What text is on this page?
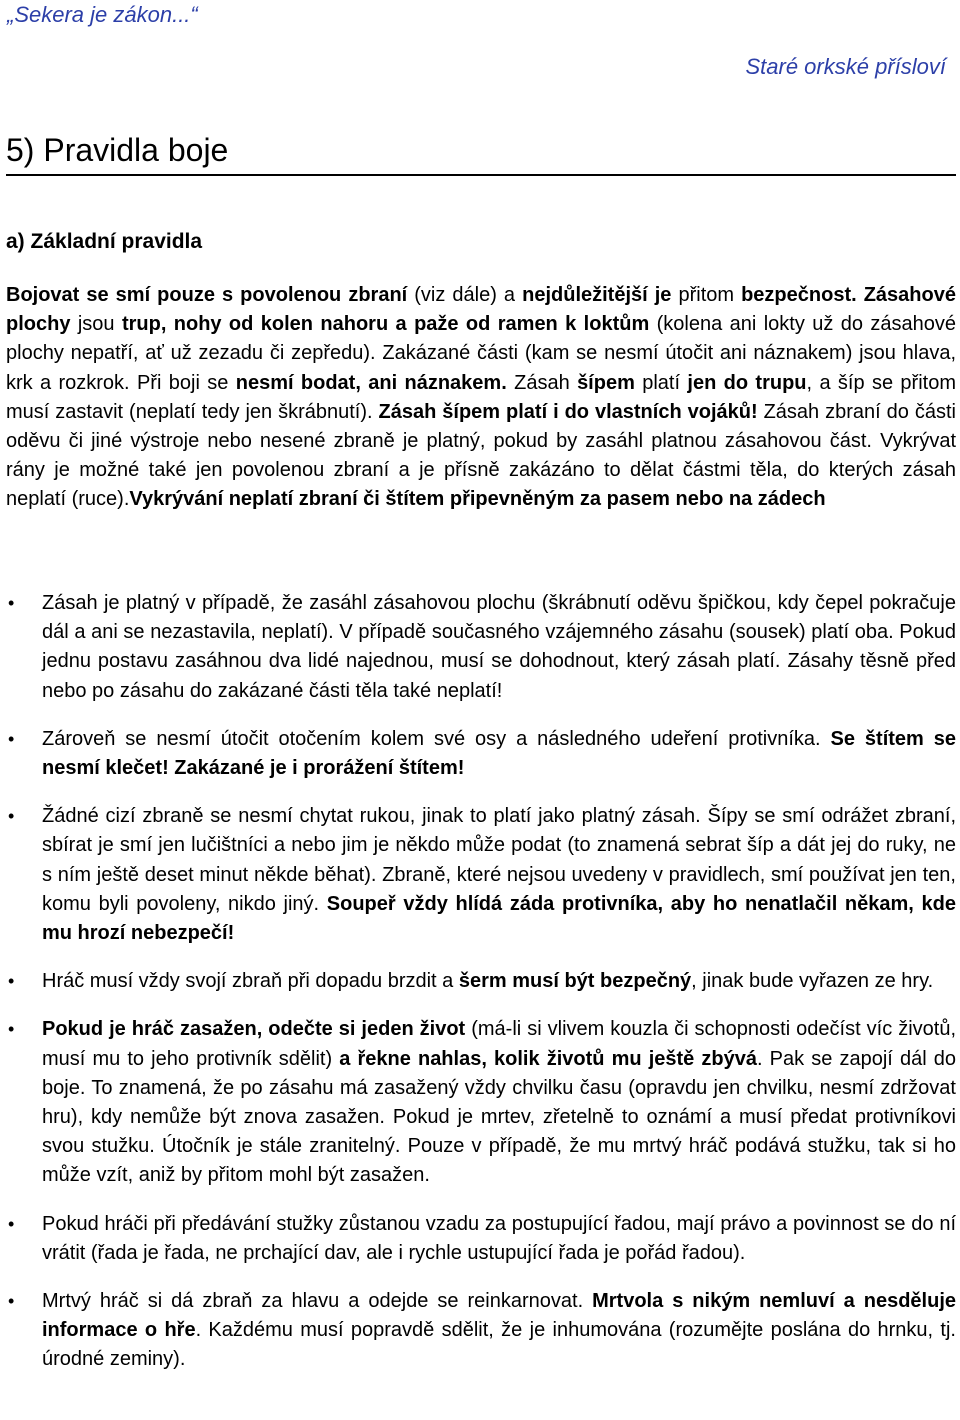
„Sekera je zákon...“
Staré orkské přísloví
5) Pravidla boje
a) Základní pravidla

Bojovat se smí pouze s povolenou zbraní (viz dále) a nejdůležitější je přitom bezpečnost. Zásahové plochy jsou trup, nohy od kolen nahoru a paže od ramen k loktům (kolena ani lokty už do zásahové plochy nepatří, ať už zezadu či zepředu). Zakázané části (kam se nesmí útočit ani náznakem) jsou hlava, krk a rozkrok. Při boji se nesmí bodat, ani náznakem. Zásah šípem platí jen do trupu, a šíp se přitom musí zastavit (neplatí tedy jen škrábnutí). Zásah šípem platí i do vlastních vojáků! Zásah zbraní do části oděvu či jiné výstroje nebo nesené zbraně je platný, pokud by zasáhl platnou zásahovou část. Vykrývat rány je možné také jen povolenou zbraní a je přísně zakázáno to dělat částmi těla, do kterých zásah neplatí (ruce).Vykrývání neplatí zbraní či štítem připevněným za pasem nebo na zádech

• Zásah je platný v případě, že zasáhl zásahovou plochu (škrábnutí oděvu špičkou, kdy čepel pokračuje dál a ani se nezastavila, neplatí). V případě současného vzájemného zásahu (sousek) platí oba. Pokud jednu postavu zasáhnou dva lidé najednou, musí se dohodnout, který zásah platí. Zásahy těsně před nebo po zásahu do zakázané části těla také neplatí!
• Zároveň se nesmí útočit otočením kolem své osy a následného udeření protivníka. Se štítem se nesmí klečet! Zakázané je i prorážení štítem!
• Žádné cizí zbraně se nesmí chytat rukou, jinak to platí jako platný zásah. Šípy se smí odrážet zbraní, sbírat je smí jen lučištníci a nebo jim je někdo může podat (to znamená sebrat šíp a dát jej do ruky, ne s ním ještě deset minut někde běhat). Zbraně, které nejsou uvedeny v pravidlech, smí používat jen ten, komu byli povoleny, nikdo jiný. Soupeř vždy hlídá záda protivníka, aby ho nenatlačil někam, kde mu hrozí nebezpečí!
• Hráč musí vždy svojí zbraň při dopadu brzdit a šerm musí být bezpečný, jinak bude vyřazen ze hry.
• Pokud je hráč zasažen, odečte si jeden život (má-li si vlivem kouzla či schopnosti odečíst víc životů, musí mu to jeho protivník sdělit) a řekne nahlas, kolik životů mu ještě zbývá. Pak se zapojí dál do boje. To znamená, že po zásahu má zasažený vždy chvilku času (opravdu jen chvilku, nesmí zdržovat hru), kdy nemůže být znova zasažen. Pokud je mrtev, zřetelně to oznámí a musí předat protivníkovi svou stužku. Útočník je stále zranitelný. Pouze v případě, že mu mrtvý hráč podává stužku, tak si ho může vzít, aniž by přitom mohl být zasažen.
• Pokud hráči při předávání stužky zůstanou vzadu za postupující řadou, mají právo a povinnost se do ní vrátit (řada je řada, ne prchající dav, ale i rychle ustupující řada je pořád řadou).
• Mrtvý hráč si dá zbraň za hlavu a odejde se reinkarnovat. Mrtvola s nikým nemluví a nesděluje informace o hře. Každému musí popravdě sdělit, že je inhumována (rozumějte poslána do hrnku, tj. úrodné zeminy).
